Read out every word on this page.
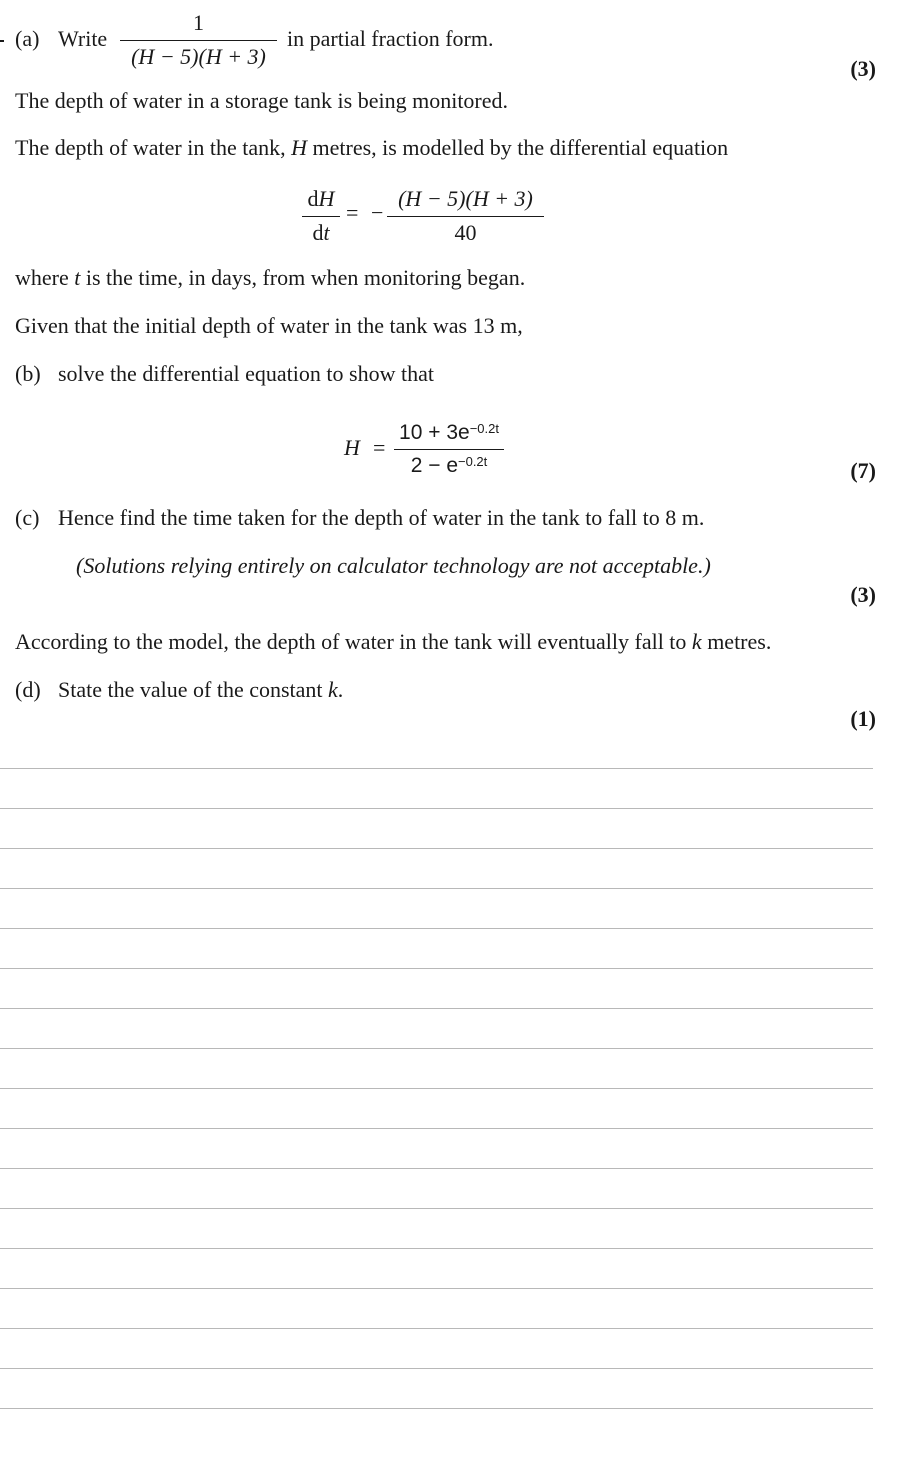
(a) Write
1
(H − 5)(H + 3)
in partial fraction form.
(3)
The depth of water in a storage tank is being monitored.
The depth of water in the tank, H metres, is modelled by the differential equation
dH
dt
= −
(H − 5)(H + 3)
40
where t is the time, in days, from when monitoring began.
Given that the initial depth of water in the tank was 13 m,
(b) solve the differential equation to show that
H =
$10 + 3e^{-0.2t}$
$2 - e^{-0.2t}$	(7)
(c) Hence find the time taken for the depth of water in the tank to fall to 8 m.
(Solutions relying entirely on calculator technology are not acceptable.)
(3)
According to the model, the depth of water in the tank will eventually fall to k metres.
(d) State the value of the constant k.
(1)
